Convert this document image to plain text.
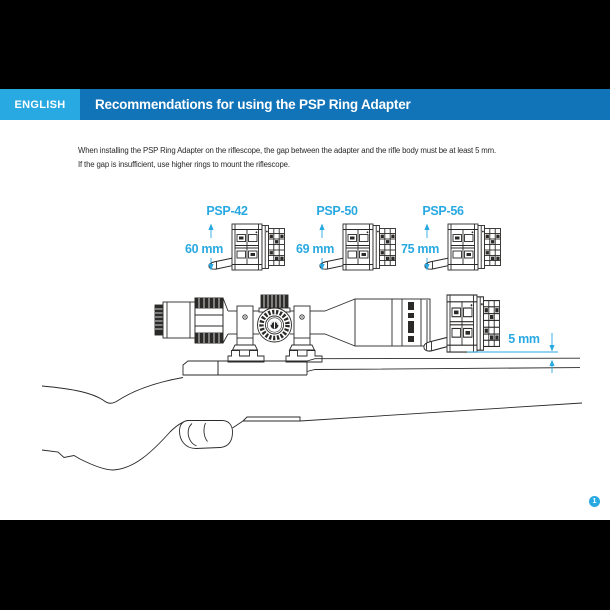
ENGLISH	Recommendations for using the PSP Ring Adapter
When installing the PSP Ring Adapter on the riflescope, the gap between the adapter and the rifle body must be at least 5 mm.
If the gap is insufficient, use higher rings to mount the riflescope.
PSP-42	PSP-50	PSP-56
60 mm	69 mm	75 mm
5 mm
1
